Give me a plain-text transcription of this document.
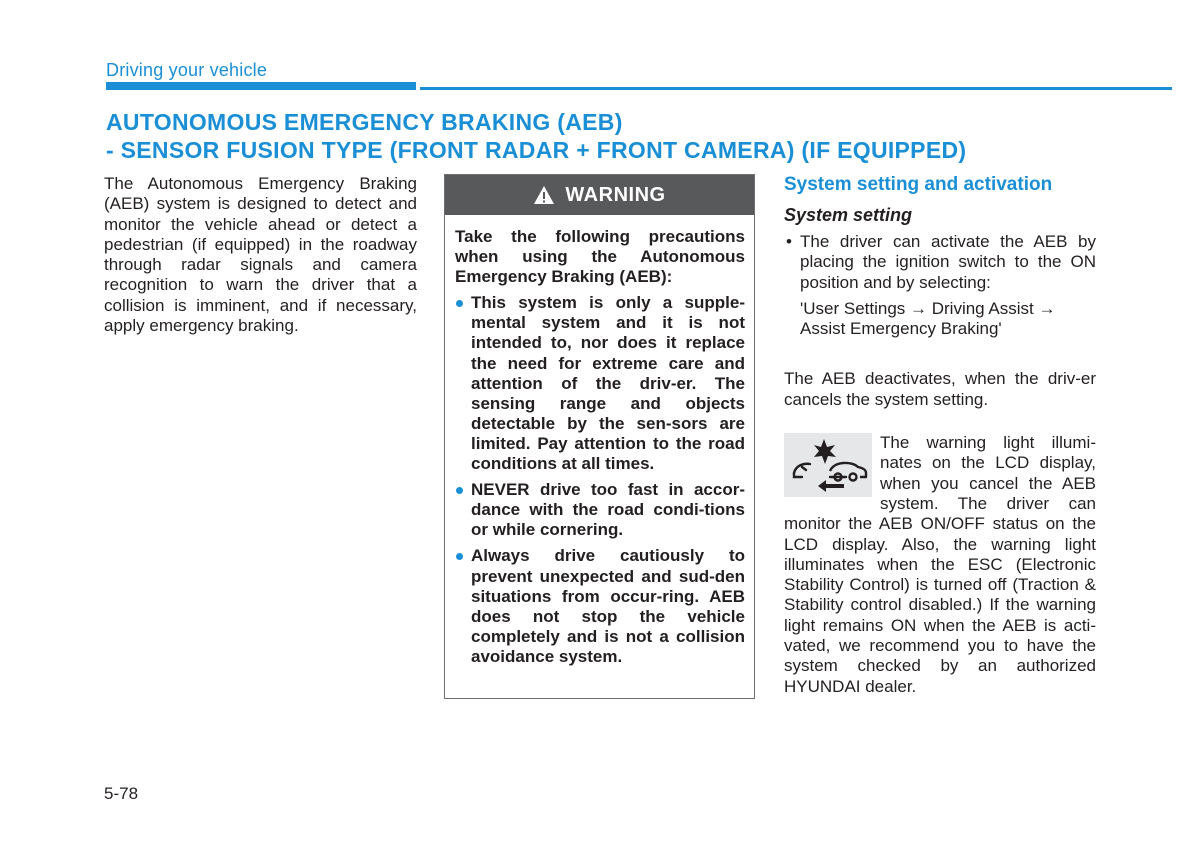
Driving your vehicle
AUTONOMOUS EMERGENCY BRAKING (AEB)
- SENSOR FUSION TYPE (FRONT RADAR + FRONT CAMERA) (IF EQUIPPED)
The Autonomous Emergency Braking (AEB) system is designed to detect and monitor the vehicle ahead or detect a pedestrian (if equipped) in the roadway through radar signals and camera recognition to warn the driver that a collision is imminent, and if necessary, apply emergency braking.
WARNING
Take the following precautions when using the Autonomous Emergency Braking (AEB):
This system is only a supple-mental system and it is not intended to, nor does it replace the need for extreme care and attention of the driv-er. The sensing range and objects detectable by the sen-sors are limited. Pay attention to the road conditions at all times.
NEVER drive too fast in accor-dance with the road condi-tions or while cornering.
Always drive cautiously to prevent unexpected and sud-den situations from occur-ring. AEB does not stop the vehicle completely and is not a collision avoidance system.
System setting and activation
System setting
• The driver can activate the AEB by placing the ignition switch to the ON position and by selecting:
'User Settings → Driving Assist → Assist Emergency Braking'
The AEB deactivates, when the driv-er cancels the system setting.
The warning light illumi-nates on the LCD display, when you cancel the AEB system. The driver can monitor the AEB ON/OFF status on the LCD display. Also, the warning light illuminates when the ESC (Electronic Stability Control) is turned off (Traction & Stability control disabled.) If the warning light remains ON when the AEB is acti-vated, we recommend you to have the system checked by an authorized HYUNDAI dealer.
5-78
